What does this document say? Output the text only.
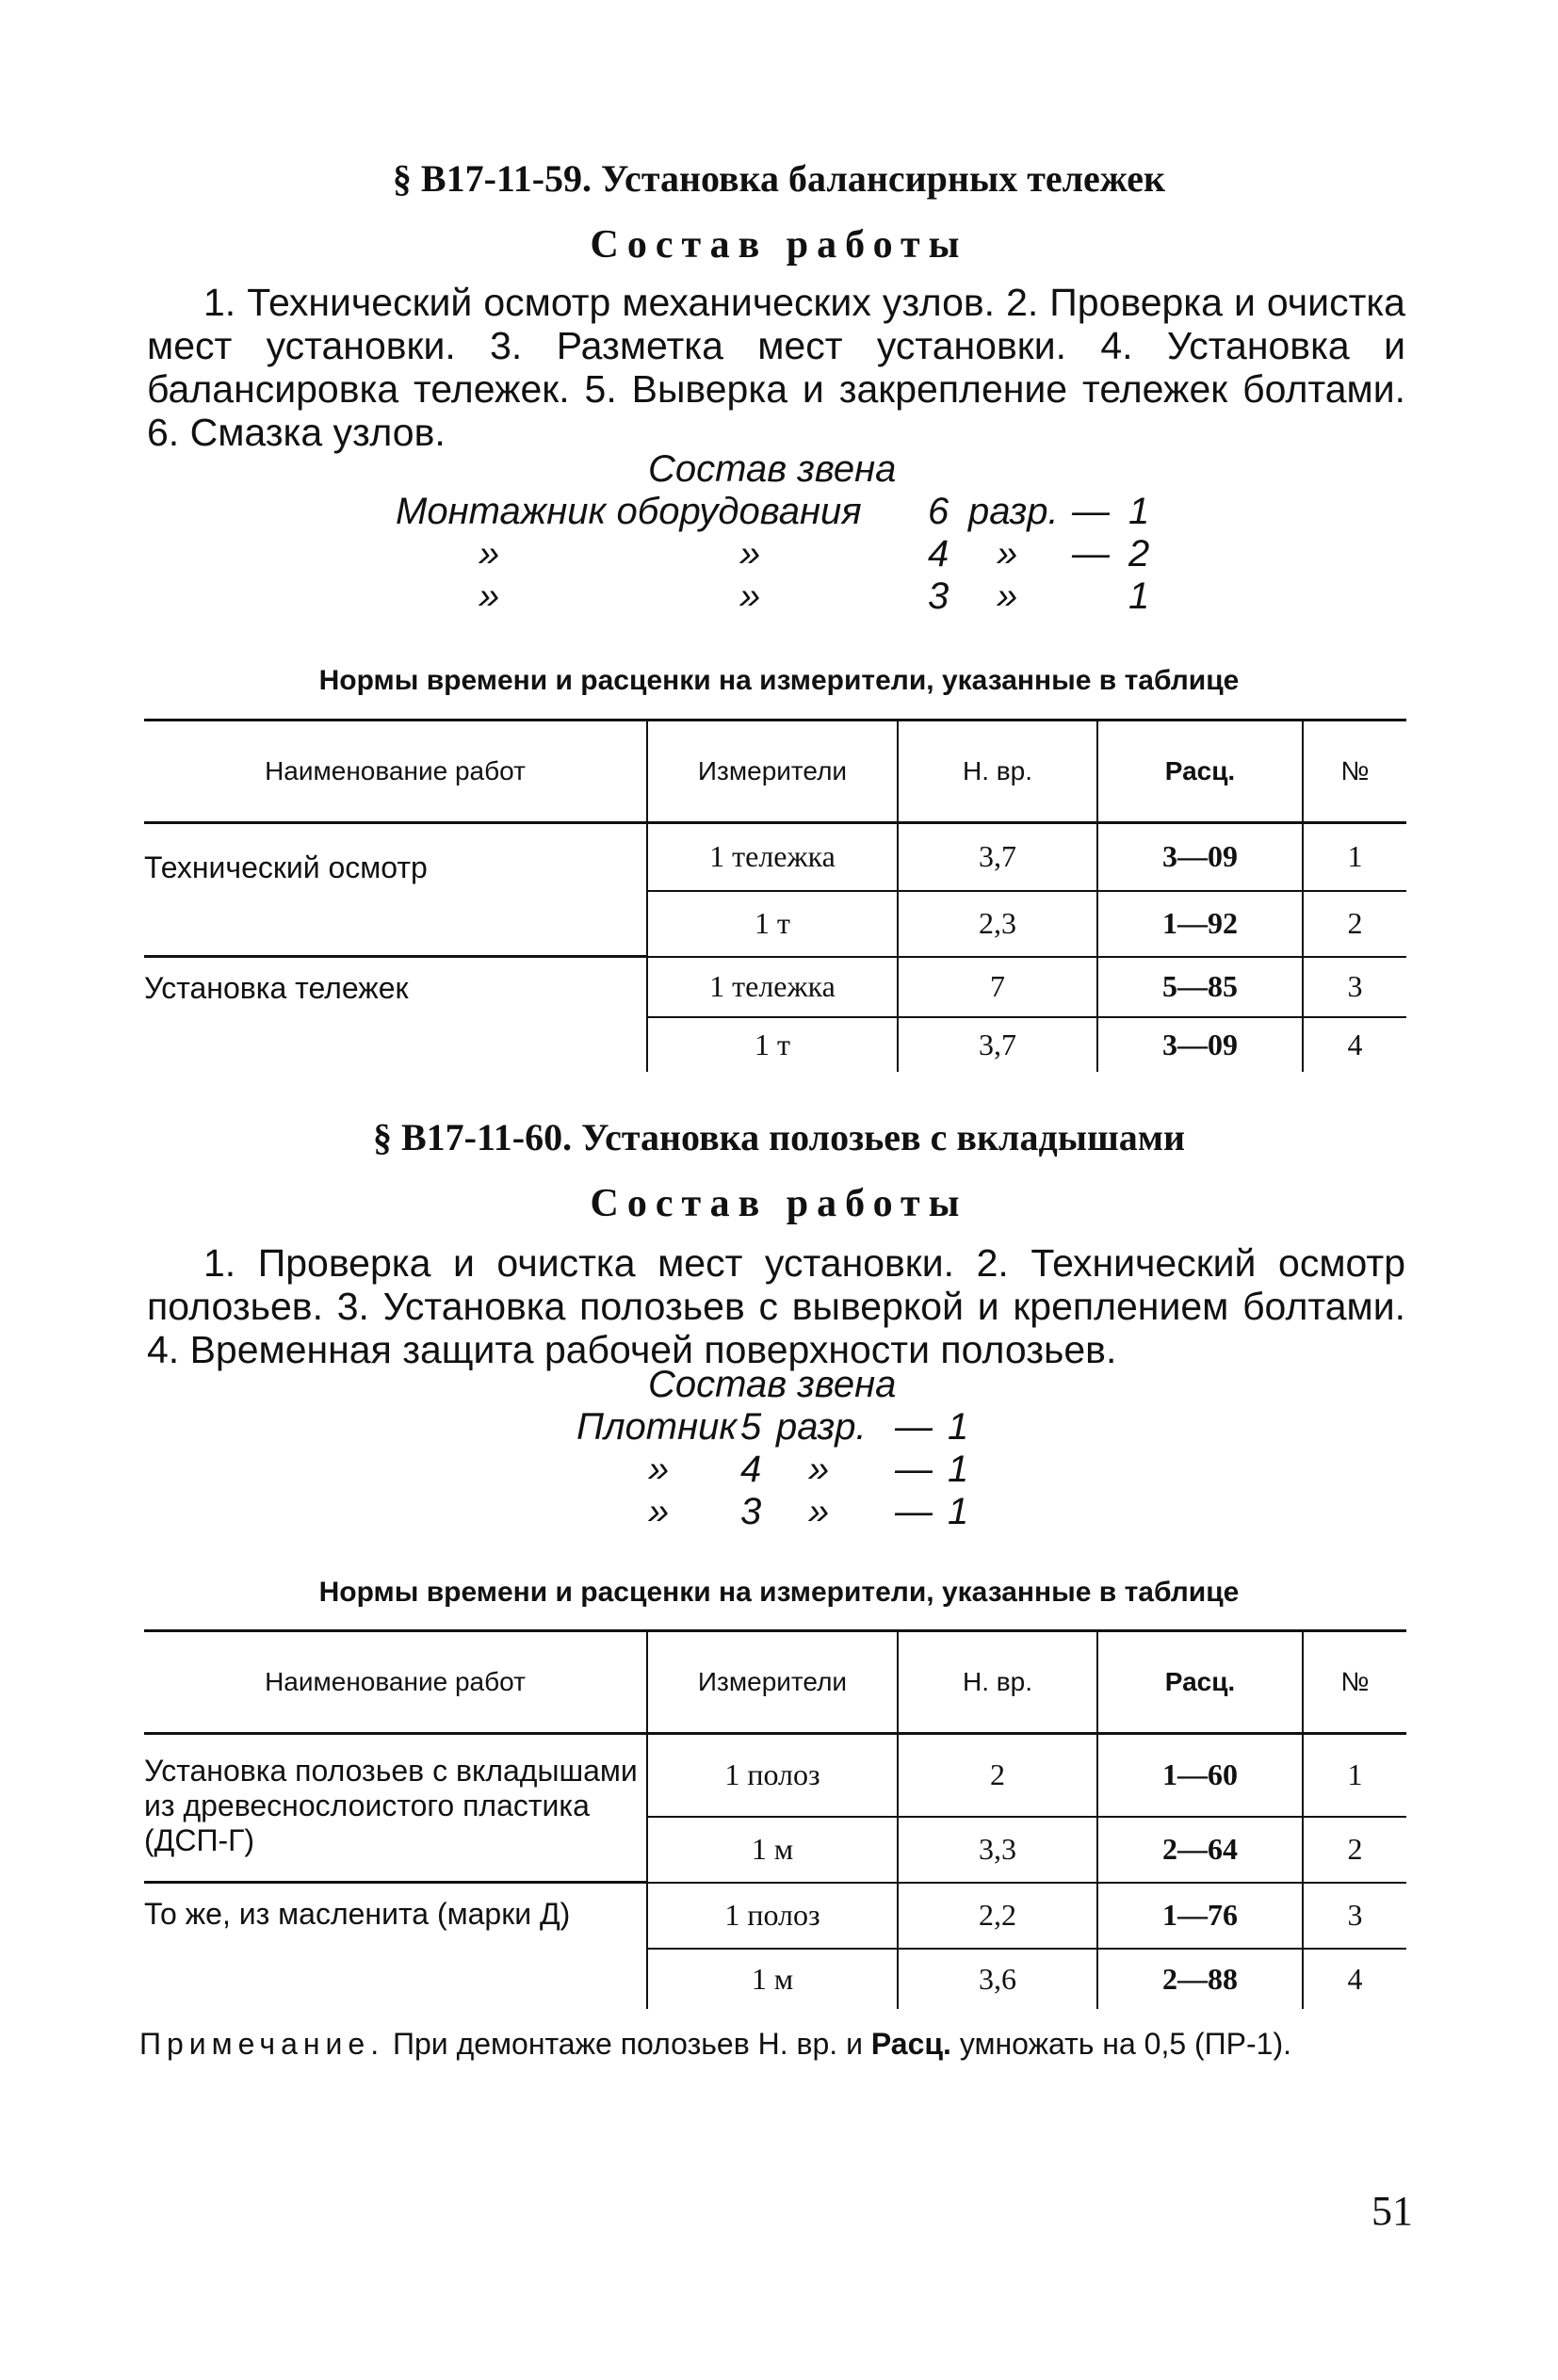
§ В17-11-59. Установка балансирных тележек
Состав работы

1. Технический осмотр механических узлов. 2. Проверка и очистка мест установки. 3. Разметка мест установки. 4. Установка и балансировка тележек. 5. Выверка и закрепление тележек болтами. 6. Смазка узлов.

Состав звена
Монтажник оборудования 6 разр. — 1
»	»	4 » — 2
»	»	3 »	1
Нормы времени и расценки на измерители, указанные в таблице
Наименование работ	Измерители	Н. вр.	Расц.	№
Технический осмотр	1 тележка	3,7	3—09	1
	1 т	2,3	1—92	2
Установка тележек	1 тележка	7	5—85	3
	1 т	3,7	3—09	4
§ В17-11-60. Установка полозьев с вкладышами
Состав работы

1. Проверка и очистка мест установки. 2. Технический осмотр полозьев. 3. Установка полозьев с выверкой и креплением болтами. 4. Временная защита рабочей поверхности полозьев.

Состав звена
Плотник 5 разр. — 1
» 4 » — 1
» 3 » — 1
Нормы времени и расценки на измерители, указанные в таблице
Наименование работ	Измерители	Н. вр.	Расц.	№
Установка полозьев с вкладышами из древеснослоистого пластика (ДСП-Г)	1 полоз	2	1—60	1
	1 м	3,3	2—64	2
То же, из масленита (марки Д)	1 полоз	2,2	1—76	3
	1 м	3,6	2—88	4
Примечание. При демонтаже полозьев Н. вр. и Расц. умножать на 0,5 (ПР-1).
51
